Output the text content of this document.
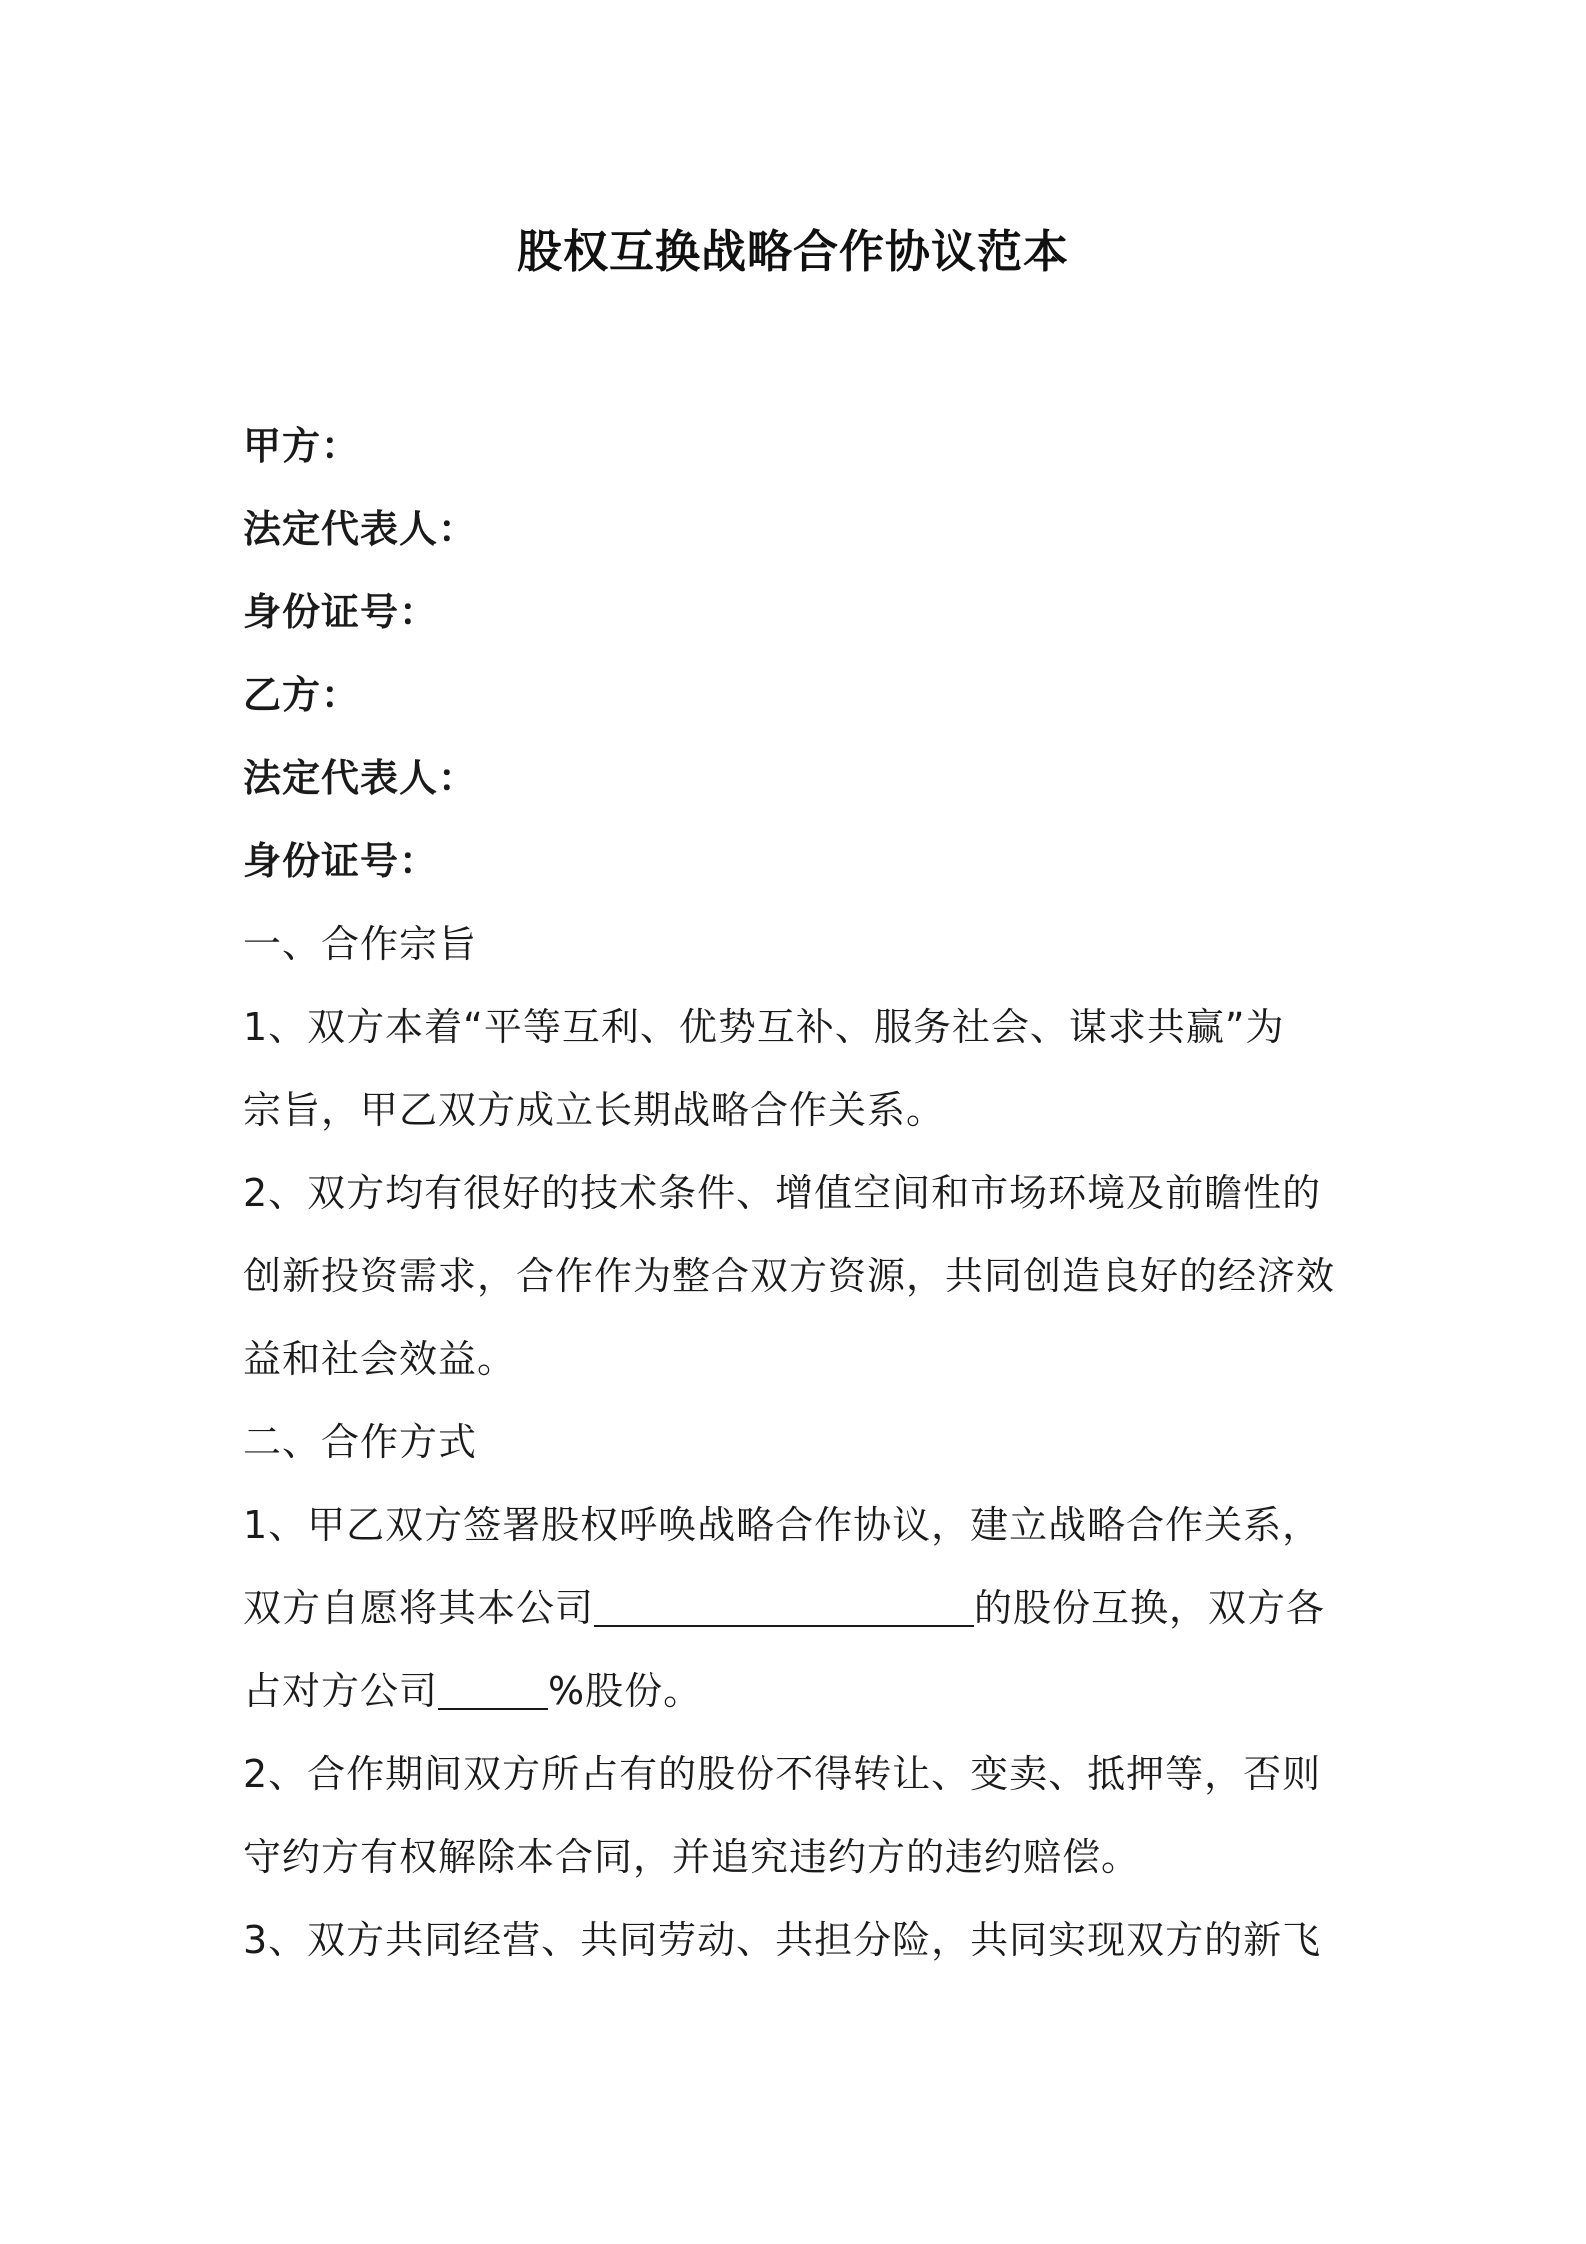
股权互换战略合作协议范本
甲方：
法定代表人：
身份证号：
乙方：
法定代表人：
身份证号：
一、合作宗旨
1、双方本着“平等互利、优势互补、服务社会、谋求共赢”为
宗旨，甲乙双方成立长期战略合作关系。
2、双方均有很好的技术条件、增值空间和市场环境及前瞻性的
创新投资需求，合作作为整合双方资源，共同创造良好的经济效
益和社会效益。
二、合作方式
1、甲乙双方签署股权呼唤战略合作协议，建立战略合作关系，
双方自愿将其本公司	的股份互换，双方各
占对方公司	%股份。
2、合作期间双方所占有的股份不得转让、变卖、抵押等，否则
守约方有权解除本合同，并追究违约方的违约赔偿。
3、双方共同经营、共同劳动、共担分险，共同实现双方的新飞
